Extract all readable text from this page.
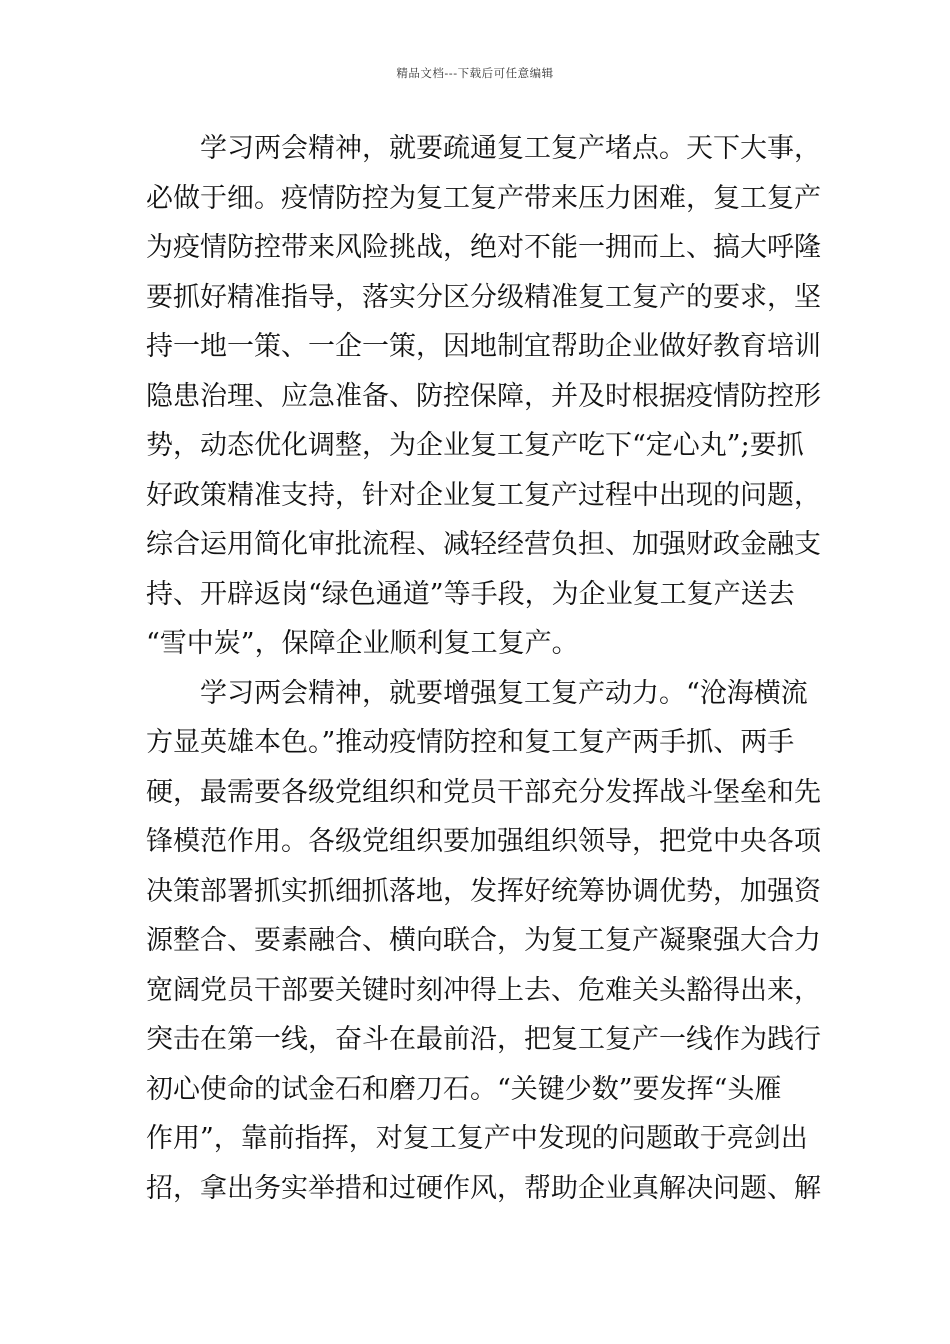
精品文档---下载后可任意编辑

学习两会精神，就要疏通复工复产堵点。天下大事，
必做于细。疫情防控为复工复产带来压力困难，复工复产
为疫情防控带来风险挑战，绝对不能一拥而上、搞大呼隆
要抓好精准指导，落实分区分级精准复工复产的要求，坚
持一地一策、一企一策，因地制宜帮助企业做好教育培训
隐患治理、应急准备、防控保障，并及时根据疫情防控形
势，动态优化调整，为企业复工复产吃下“定心丸”;要抓
好政策精准支持，针对企业复工复产过程中出现的问题，
综合运用简化审批流程、减轻经营负担、加强财政金融支
持、开辟返岗“绿色通道”等手段，为企业复工复产送去
“雪中炭”，保障企业顺利复工复产。

学习两会精神，就要增强复工复产动力。“沧海横流
方显英雄本色。”推动疫情防控和复工复产两手抓、两手
硬，最需要各级党组织和党员干部充分发挥战斗堡垒和先
锋模范作用。各级党组织要加强组织领导，把党中央各项
决策部署抓实抓细抓落地，发挥好统筹协调优势，加强资
源整合、要素融合、横向联合，为复工复产凝聚强大合力
宽阔党员干部要关键时刻冲得上去、危难关头豁得出来，
突击在第一线，奋斗在最前沿，把复工复产一线作为践行
初心使命的试金石和磨刀石。“关键少数”要发挥“头雁
作用”，靠前指挥，对复工复产中发现的问题敢于亮剑出
招，拿出务实举措和过硬作风，帮助企业真解决问题、解
